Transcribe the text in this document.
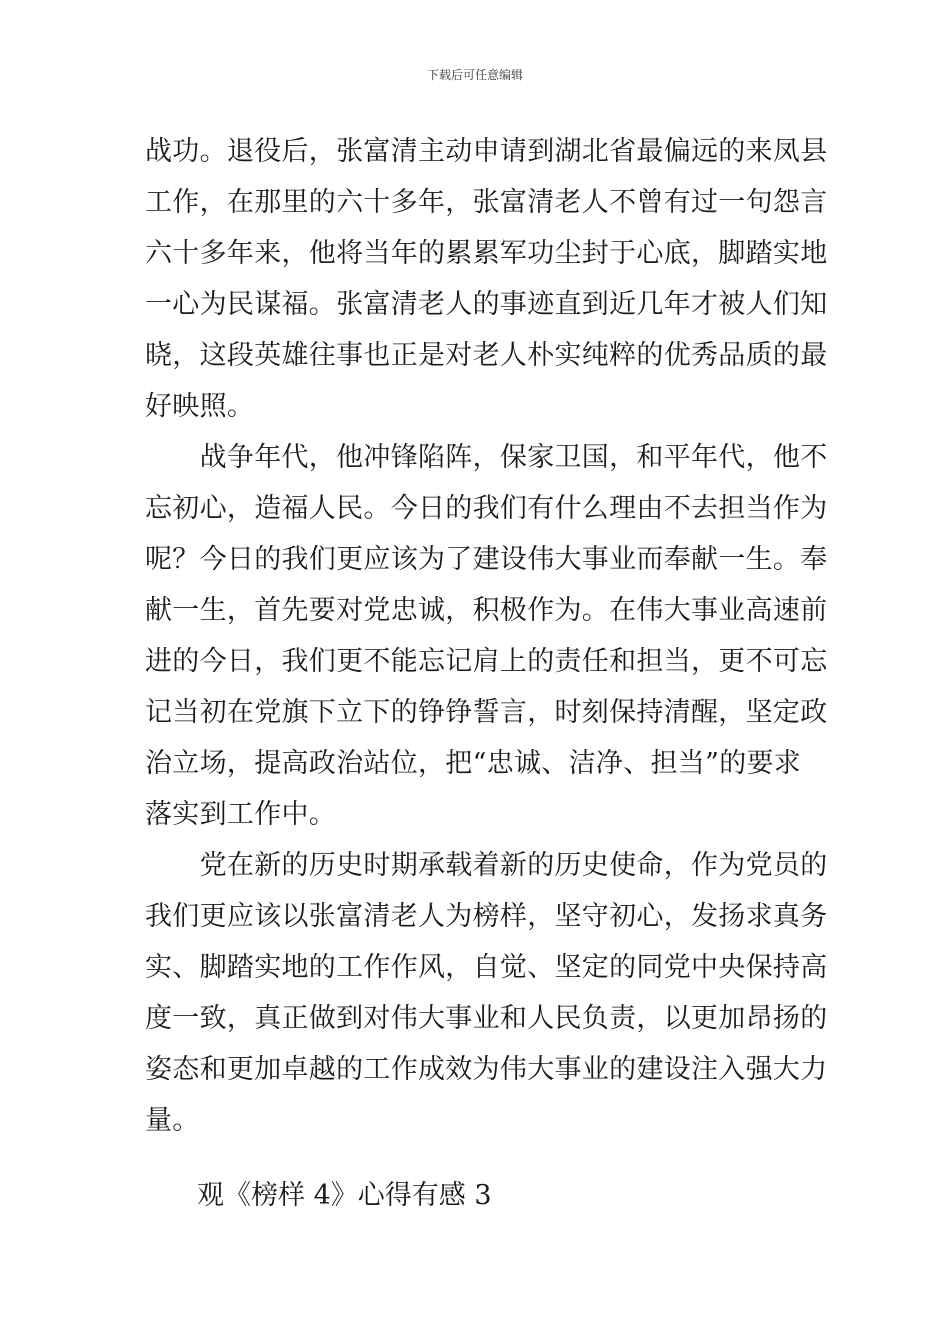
下载后可任意编辑
战功。退役后，张富清主动申请到湖北省最偏远的来凤县
工作，在那里的六十多年，张富清老人不曾有过一句怨言
六十多年来，他将当年的累累军功尘封于心底，脚踏实地
一心为民谋福。张富清老人的事迹直到近几年才被人们知
晓，这段英雄往事也正是对老人朴实纯粹的优秀品质的最
好映照。
　　战争年代，他冲锋陷阵，保家卫国，和平年代，他不
忘初心，造福人民。今日的我们有什么理由不去担当作为
呢？今日的我们更应该为了建设伟大事业而奉献一生。奉
献一生，首先要对党忠诚，积极作为。在伟大事业高速前
进的今日，我们更不能忘记肩上的责任和担当，更不可忘
记当初在党旗下立下的铮铮誓言，时刻保持清醒，坚定政
治立场，提高政治站位，把“忠诚、洁净、担当”的要求
落实到工作中。
　　党在新的历史时期承载着新的历史使命，作为党员的
我们更应该以张富清老人为榜样，坚守初心，发扬求真务
实、脚踏实地的工作作风，自觉、坚定的同党中央保持高
度一致，真正做到对伟大事业和人民负责，以更加昂扬的
姿态和更加卓越的工作成效为伟大事业的建设注入强大力
量。
观《榜样 4》心得有感 3
